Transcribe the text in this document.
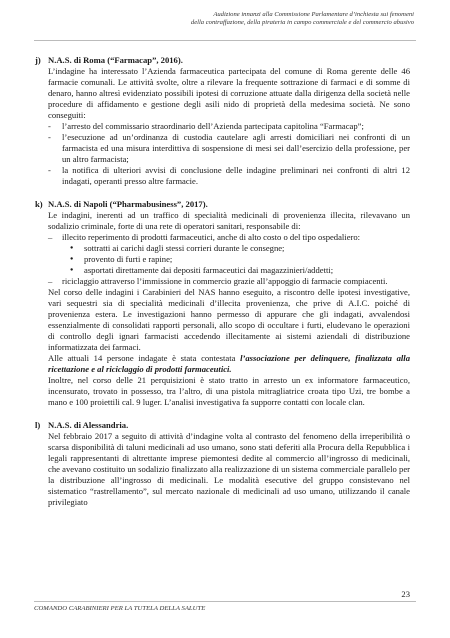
Audizione innanzi alla Commissione Parlamentare d’inchiesta sui fenomeni
della contraffazione, della pirateria in campo commerciale e del commercio abusivo
j) N.A.S. di Roma (“Farmacap”, 2016).

L’indagine ha interessato l’Azienda farmaceutica partecipata del comune di Roma gerente delle 46 farmacie comunali. Le attività svolte, oltre a rilevare la frequente sottrazione di farmaci e di somme di denaro, hanno altresì evidenziato possibili ipotesi di corruzione attuate dalla dirigenza della società nelle procedure di affidamento e gestione degli asili nido di proprietà della medesima società. Ne sono conseguiti:

- l’arresto del commissario straordinario dell’Azienda partecipata capitolina “Farmacap”;
- l’esecuzione ad un’ordinanza di custodia cautelare agli arresti domiciliari nei confronti di un farmacista ed una misura interdittiva di sospensione di mesi sei dall’esercizio della professione, per un altro farmacista;
- la notifica di ulteriori avvisi di conclusione delle indagine preliminari nei confronti di altri 12 indagati, operanti presso altre farmacie.
k) N.A.S. di Napoli (“Pharmabusiness”, 2017).

Le indagini, inerenti ad un traffico di specialità medicinali di provenienza illecita, rilevavano un sodalizio criminale, forte di una rete di operatori sanitari, responsabile di:

– illecito reperimento di prodotti farmaceutici, anche di alto costo o del tipo ospedaliero:
● sottratti ai carichi dagli stessi corrieri durante le consegne;
● provento di furti e rapine;
● asportati direttamente dai depositi farmaceutici dai magazzinieri/addetti;
– riciclaggio attraverso l’immissione in commercio grazie all’appoggio di farmacie compiacenti.

Nel corso delle indagini i Carabinieri del NAS hanno eseguito, a riscontro delle ipotesi investigative, vari sequestri sia di specialità medicinali d’illecita provenienza, che prive di A.I.C. poiché di provenienza estera. Le investigazioni hanno permesso di appurare che gli indagati, avvalendosi essenzialmente di consolidati rapporti personali, allo scopo di occultare i furti, eludevano le operazioni di controllo degli ignari farmacisti accedendo illecitamente ai sistemi aziendali di distribuzione informatizzata dei farmaci.

Alle attuali 14 persone indagate è stata contestata l’associazione per delinquere, finalizzata alla ricettazione e al riciclaggio di prodotti farmaceutici.

Inoltre, nel corso delle 21 perquisizioni è stato tratto in arresto un ex informatore farmaceutico, incensurato, trovato in possesso, tra l’altro, di una pistola mitragliatrice croata tipo Uzi, tre bombe a mano e 100 proiettili cal. 9 luger. L’analisi investigativa fa supporre contatti con locale clan.

l) N.A.S. di Alessandria.

Nel febbraio 2017 a seguito di attività d’indagine volta al contrasto del fenomeno della irreperibilità o scarsa disponibilità di taluni medicinali ad uso umano, sono stati deferiti alla Procura della Repubblica i legali rappresentanti di altrettante imprese piemontesi dedite al commercio all’ingrosso di medicinali, che avevano costituito un sodalizio finalizzato alla realizzazione di un sistema commerciale parallelo per la distribuzione all’ingrosso di medicinali. Le modalità esecutive del gruppo consistevano nel sistematico “rastrellamento”, sul mercato nazionale di medicinali ad uso umano, utilizzando il canale privilegiato

23
COMANDO CARABINIERI PER LA TUTELA DELLA SALUTE
